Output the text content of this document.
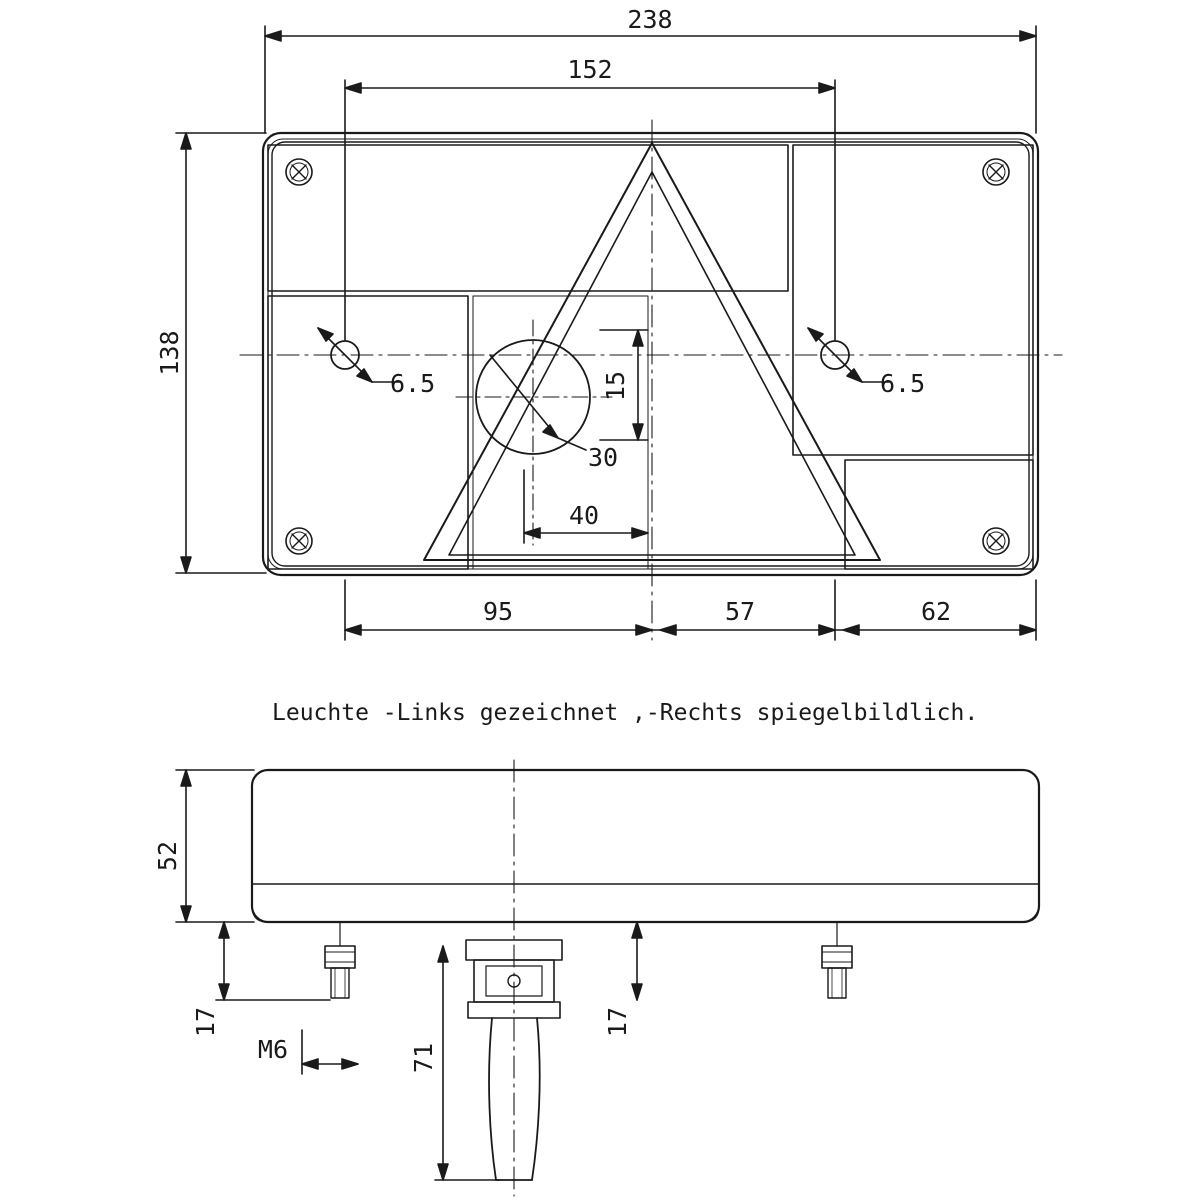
238
152
138
6.5	6.5
15
30
40
95	57	62
Leuchte -Links gezeichnet ,-Rechts spiegelbildlich.
52
17	17
M6	71
